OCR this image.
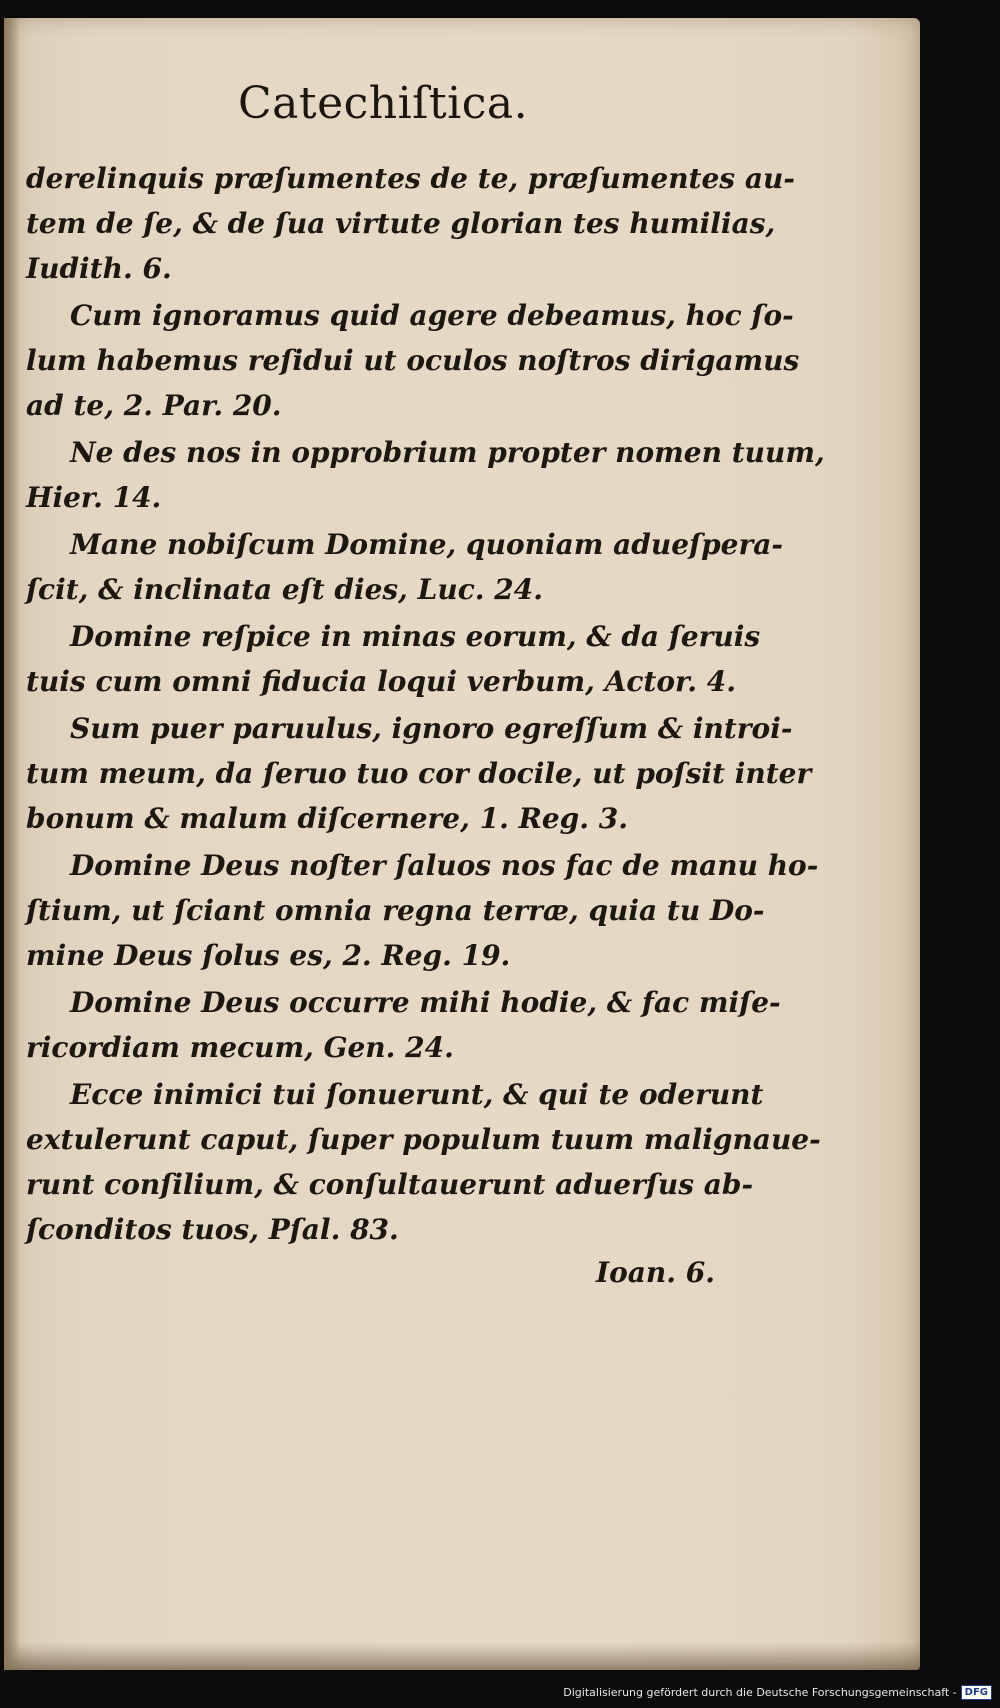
Catechiſtica.
derelinquis præſumentes de te, præſumentes au-
tem de ſe, & de ſua virtute glorian tes humilias,
Iudith. 6.
Cum ignoramus quid agere debeamus, hoc ſo-
lum habemus reſidui ut oculos noſtros dirigamus
ad te, 2. Par. 20.
Ne des nos in opprobrium propter nomen tuum,
Hier. 14.
Mane nobiſcum Domine, quoniam adueſpera-
ſcit, & inclinata eſt dies, Luc. 24.
Domine reſpice in minas eorum, & da ſeruis
tuis cum omni fiducia loqui verbum, Actor. 4.
Sum puer paruulus, ignoro egreſſum & introi-
tum meum, da ſeruo tuo cor docile, ut poſsit inter
bonum & malum diſcernere, 1. Reg. 3.
Domine Deus noſter ſaluos nos fac de manu ho-
ſtium, ut ſciant omnia regna terræ, quia tu Do-
mine Deus ſolus es, 2. Reg. 19.
Domine Deus occurre mihi hodie, & fac miſe-
ricordiam mecum, Gen. 24.
Ecce inimici tui ſonuerunt, & qui te oderunt
extulerunt caput, ſuper populum tuum malignaue-
runt conſilium, & conſultauerunt aduerſus ab-
ſconditos tuos, Pſal. 83.
Ioan. 6.
Digitalisierung gefördert durch die Deutsche Forschungsgemeinschaft - DFG
